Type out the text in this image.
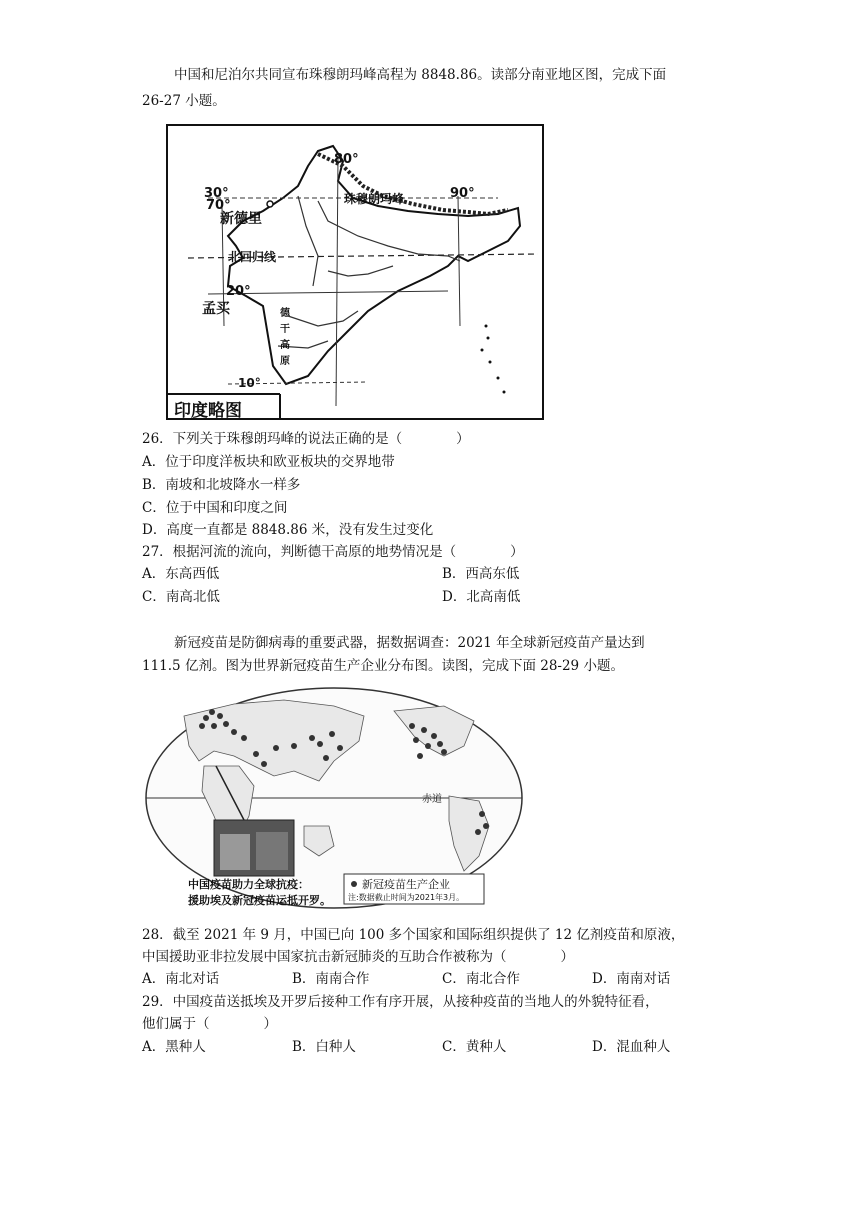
中国和尼泊尔共同宣布珠穆朗玛峰高程为 8848.86。读部分南亚地区图，完成下面
26-27 小题。
80°
30°
70°	珠穆朗玛峰	90°
新德里
北回归线
20°
孟买	德
干
高
原
10°
印度略图
26．下列关于珠穆朗玛峰的说法正确的是（　　　　）
A．位于印度洋板块和欧亚板块的交界地带
B．南坡和北坡降水一样多
C．位于中国和印度之间
D．高度一直都是 8848.86 米，没有发生过变化
27．根据河流的流向，判断德干高原的地势情况是（　　　　）
A．东高西低	B．西高东低
C．南高北低	D．北高南低
新冠疫苗是防御病毒的重要武器，据数据调查：2021 年全球新冠疫苗产量达到
111.5 亿剂。图为世界新冠疫苗生产企业分布图。读图，完成下面 28-29 小题。
赤道
中国疫苗助力全球抗疫：
援助埃及新冠疫苗运抵开罗。
新冠疫苗生产企业
注:数据截止时间为2021年3月。
28．截至 2021 年 9 月，中国已向 100 多个国家和国际组织提供了 12 亿剂疫苗和原液，
中国援助亚非拉发展中国家抗击新冠肺炎的互助合作被称为（　　　　）
A．南北对话	B．南南合作	C．南北合作	D．南南对话
29．中国疫苗送抵埃及开罗后接种工作有序开展，从接种疫苗的当地人的外貌特征看，
他们属于（　　　　）
A．黑种人	B．白种人	C．黄种人	D．混血种人
